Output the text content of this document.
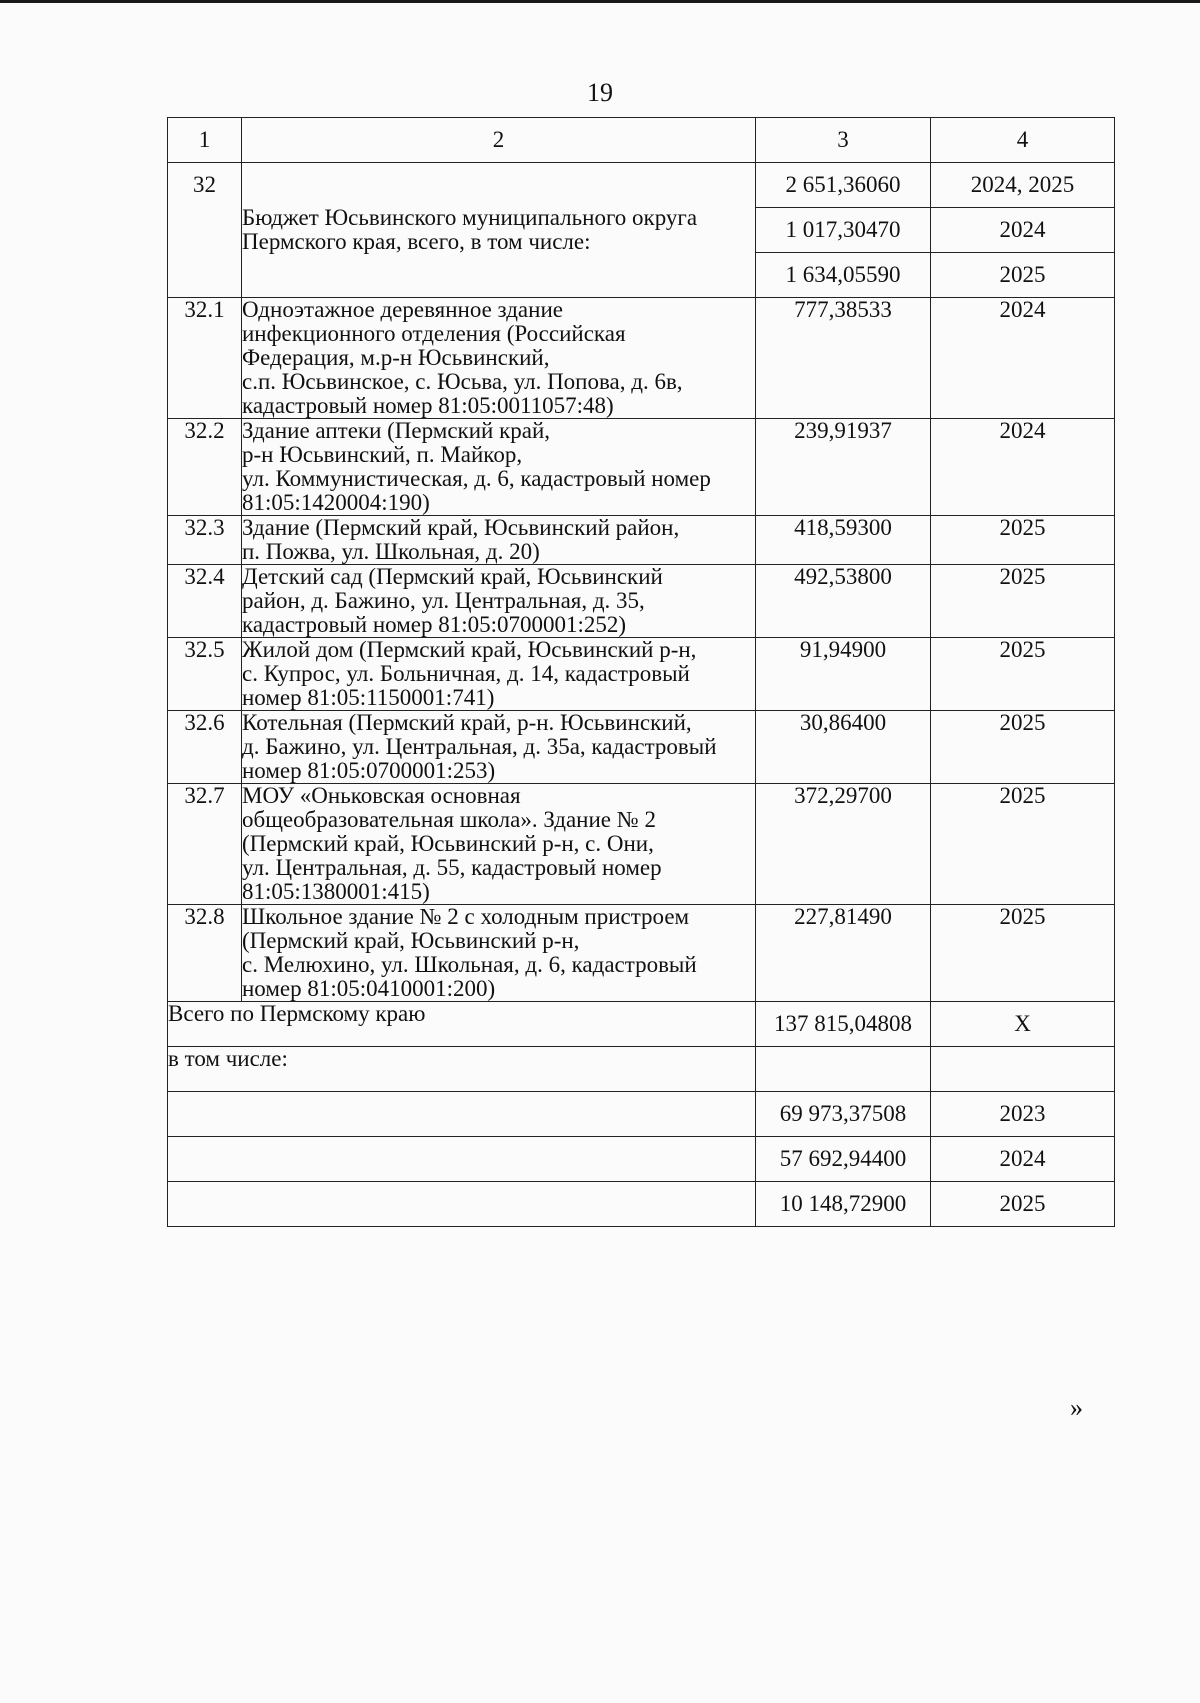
19
1	2	3	4
32	Бюджет Юсьвинского муниципального округа Пермского края, всего, в том числе:	2 651,36060	2024, 2025
		1 017,30470	2024
		1 634,05590	2025
32.1	Одноэтажное деревянное здание
инфекционного отделения (Российская
Федерация, м.р-н Юсьвинский,
с.п. Юсьвинское, с. Юсьва, ул. Попова, д. 6в,
кадастровый номер 81:05:0011057:48)	777,38533	2024
32.2	Здание аптеки (Пермский край,
р-н Юсьвинский, п. Майкор,
ул. Коммунистическая, д. 6, кадастровый номер
81:05:1420004:190)	239,91937	2024
32.3	Здание (Пермский край, Юсьвинский район,
п. Пожва, ул. Школьная, д. 20)	418,59300	2025
32.4	Детский сад (Пермский край, Юсьвинский
район, д. Бажино, ул. Центральная, д. 35,
кадастровый номер 81:05:0700001:252)	492,53800	2025
32.5	Жилой дом (Пермский край, Юсьвинский р-н,
с. Купрос, ул. Больничная, д. 14, кадастровый
номер 81:05:1150001:741)	91,94900	2025
32.6	Котельная (Пермский край, р-н. Юсьвинский,
д. Бажино, ул. Центральная, д. 35а, кадастровый
номер 81:05:0700001:253)	30,86400	2025
32.7	МОУ «Оньковская основная
общеобразовательная школа». Здание № 2
(Пермский край, Юсьвинский р-н, с. Они,
ул. Центральная, д. 55, кадастровый номер
81:05:1380001:415)	372,29700	2025
32.8	Школьное здание № 2 с холодным пристроем
(Пермский край, Юсьвинский р-н,
с. Мелюхино, ул. Школьная, д. 6, кадастровый
номер 81:05:0410001:200)	227,81490	2025
Всего по Пермскому краю		137 815,04808	Х
в том числе:			
		69 973,37508	2023
		57 692,94400	2024
		10 148,72900	2025
»
